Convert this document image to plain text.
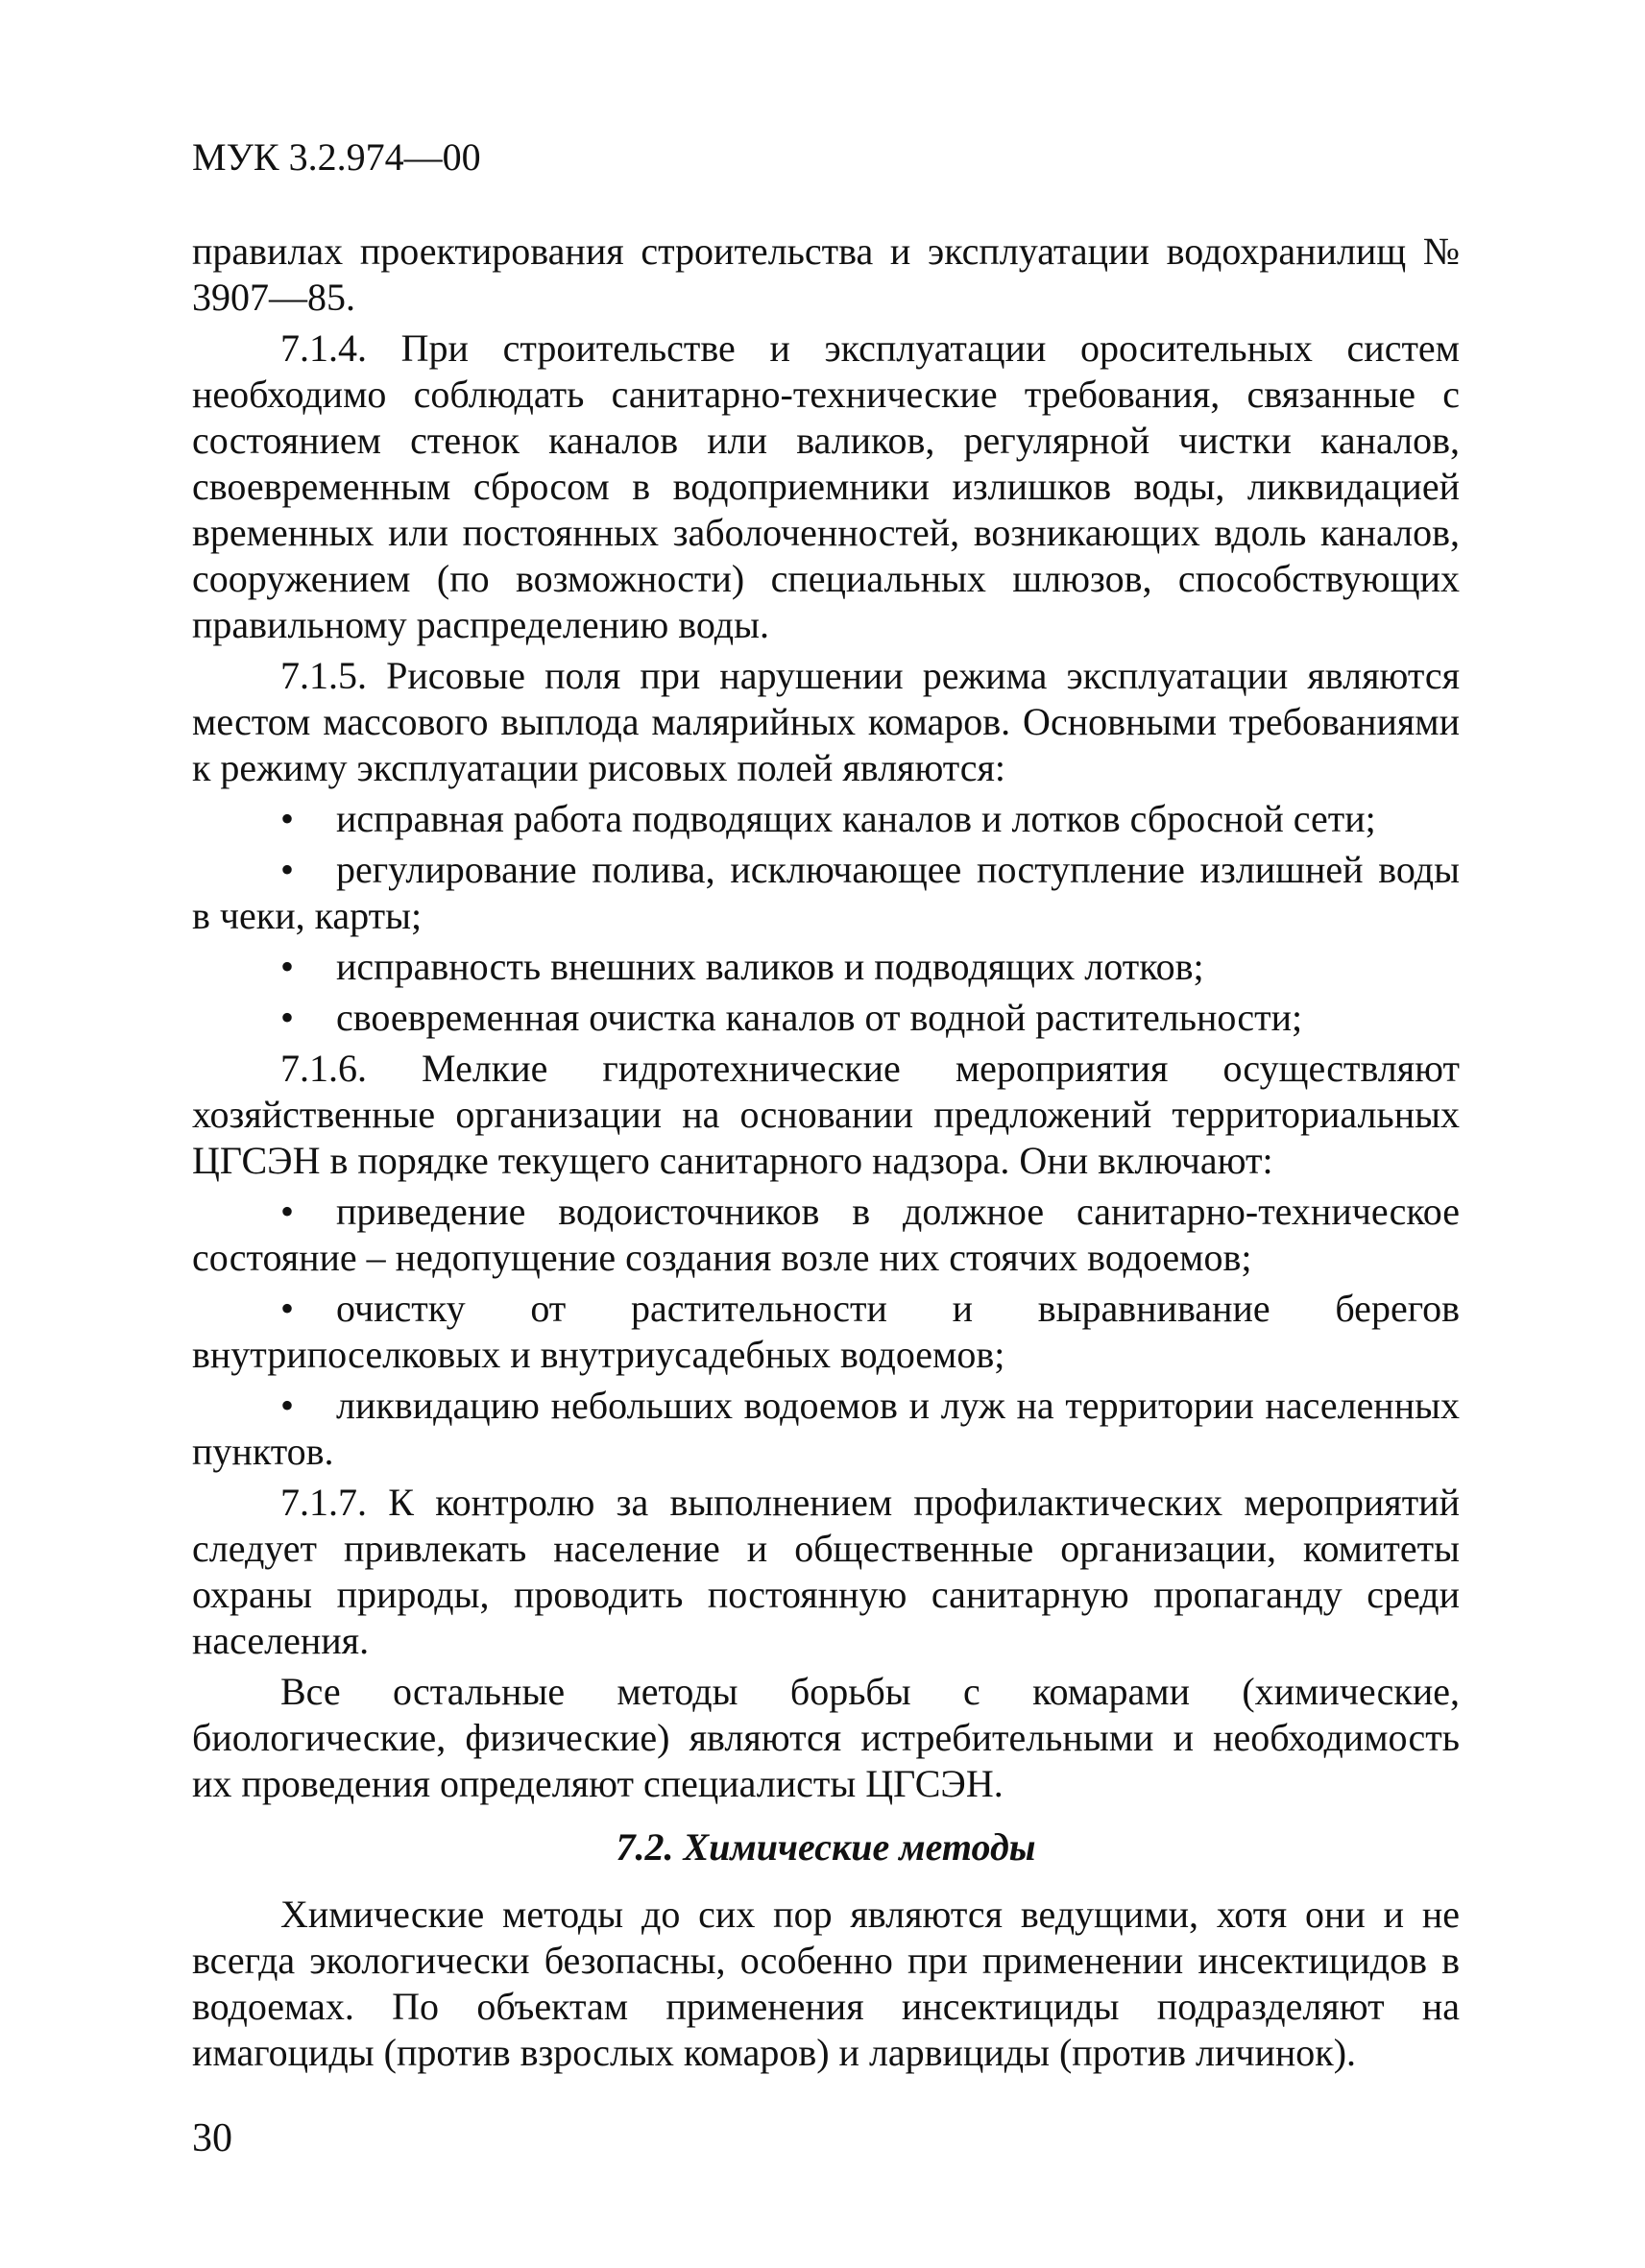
МУК 3.2.974—00

правилах проектирования строительства и эксплуатации водохранилищ № 3907—85.

7.1.4. При строительстве и эксплуатации оросительных систем необходимо соблюдать санитарно-технические требования, связанные с состоянием стенок каналов или валиков, регулярной чистки каналов, своевременным сбросом в водоприемники излишков воды, ликвидацией временных или постоянных заболоченностей, возникающих вдоль каналов, сооружением (по возможности) специальных шлюзов, способствующих правильному распределению воды.

7.1.5. Рисовые поля при нарушении режима эксплуатации являются местом массового выплода малярийных комаров. Основными требованиями к режиму эксплуатации рисовых полей являются:

• исправная работа подводящих каналов и лотков сбросной сети;

• регулирование полива, исключающее поступление излишней воды в чеки, карты;

• исправность внешних валиков и подводящих лотков;

• своевременная очистка каналов от водной растительности;

7.1.6. Мелкие гидротехнические мероприятия осуществляют хозяйственные организации на основании предложений территориальных ЦГСЭН в порядке текущего санитарного надзора. Они включают:

• приведение водоисточников в должное санитарно-техническое состояние – недопущение создания возле них стоячих водоемов;

• очистку от растительности и выравнивание берегов внутрипоселковых и внутриусадебных водоемов;

• ликвидацию небольших водоемов и луж на территории населенных пунктов.

7.1.7. К контролю за выполнением профилактических мероприятий следует привлекать население и общественные организации, комитеты охраны природы, проводить постоянную санитарную пропаганду среди населения.

Все остальные методы борьбы с комарами (химические, биологические, физические) являются истребительными и необходимость их проведения определяют специалисты ЦГСЭН.

7.2. Химические методы

Химические методы до сих пор являются ведущими, хотя они и не всегда экологически безопасны, особенно при применении инсектицидов в водоемах. По объектам применения инсектициды подразделяют на имагоциды (против взрослых комаров) и ларвициды (против личинок).

30
